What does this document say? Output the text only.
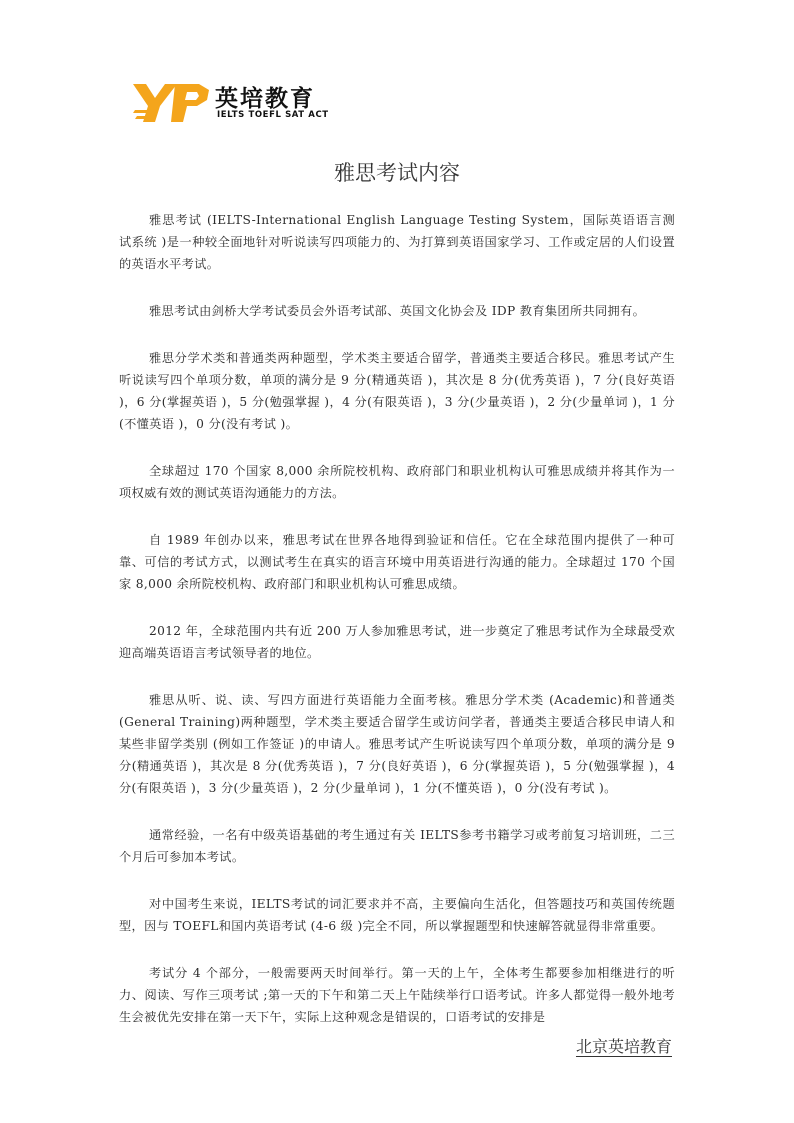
英培教育
IELTS TOEFL SAT ACT
雅思考试内容

雅思考试 (IELTS-International English Language Testing System，国际英语语言测试系统 )是一种较全面地针对听说读写四项能力的、为打算到英语国家学习、工作或定居的人们设置的英语水平考试。

雅思考试由剑桥大学考试委员会外语考试部、英国文化协会及 IDP 教育集团所共同拥有。

雅思分学术类和普通类两种题型，学术类主要适合留学，普通类主要适合移民。雅思考试产生听说读写四个单项分数，单项的满分是 9 分(精通英语 )，其次是 8 分(优秀英语 )，7 分(良好英语 )，6 分(掌握英语 )，5 分(勉强掌握 )，4 分(有限英语 )，3 分(少量英语 )，2 分(少量单词 )，1 分(不懂英语 )，0 分(没有考试 )。

全球超过 170 个国家 8,000 余所院校机构、政府部门和职业机构认可雅思成绩并将其作为一项权威有效的测试英语沟通能力的方法。

自 1989 年创办以来，雅思考试在世界各地得到验证和信任。它在全球范围内提供了一种可靠、可信的考试方式，以测试考生在真实的语言环境中用英语进行沟通的能力。全球超过 170 个国家 8,000 余所院校机构、政府部门和职业机构认可雅思成绩。

2012 年，全球范围内共有近 200 万人参加雅思考试，进一步奠定了雅思考试作为全球最受欢迎高端英语语言考试领导者的地位。

雅思从听、说、读、写四方面进行英语能力全面考核。雅思分学术类 (Academic)和普通类(General Training)两种题型，学术类主要适合留学生或访问学者，普通类主要适合移民申请人和某些非留学类别 (例如工作签证 )的申请人。雅思考试产生听说读写四个单项分数，单项的满分是 9 分(精通英语 )，其次是 8 分(优秀英语 )，7 分(良好英语 )，6 分(掌握英语 )，5 分(勉强掌握 )，4 分(有限英语 )，3 分(少量英语 )，2 分(少量单词 )，1 分(不懂英语 )，0 分(没有考试 )。

通常经验，一名有中级英语基础的考生通过有关 IELTS参考书籍学习或考前复习培训班，二三个月后可参加本考试。

对中国考生来说，IELTS考试的词汇要求并不高，主要偏向生活化，但答题技巧和英国传统题型，因与 TOEFL和国内英语考试 (4-6 级 )完全不同，所以掌握题型和快速解答就显得非常重要。

考试分 4 个部分，一般需要两天时间举行。第一天的上午，全体考生都要参加相继进行的听力、阅读、写作三项考试 ;第一天的下午和第二天上午陆续举行口语考试。许多人都觉得一般外地考生会被优先安排在第一天下午，实际上这种观念是错误的，口语考试的安排是

北京英培教育
